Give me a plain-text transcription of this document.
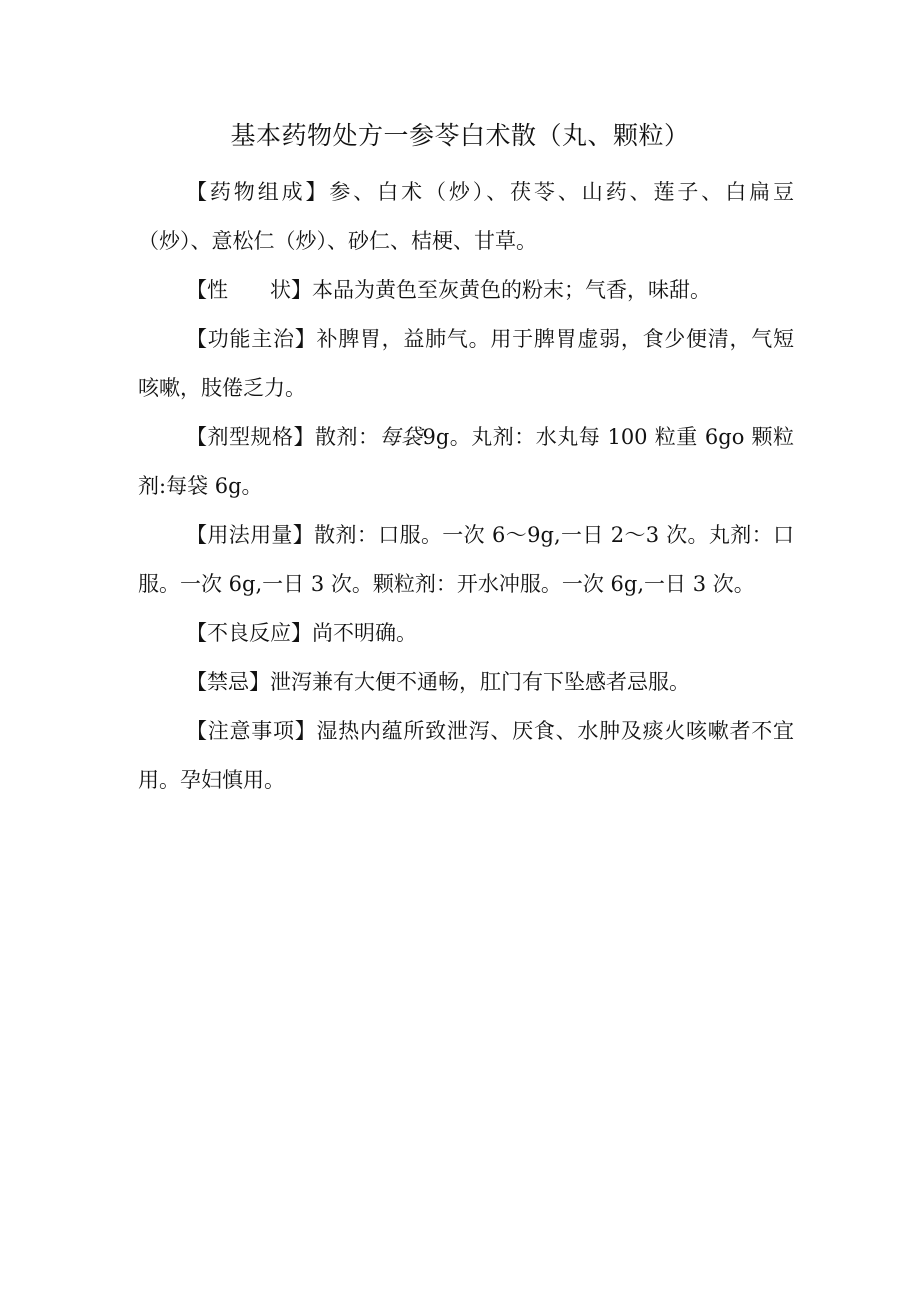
基本药物处方一参苓白术散（丸、颗粒）

【药物组成】参、白术（炒）、茯苓、山药、莲子、白扁豆（炒）、意松仁（炒）、砂仁、桔梗、甘草。

【性　　状】本品为黄色至灰黄色的粉末；气香，味甜。

【功能主治】补脾胃，益肺气。用于脾胃虚弱，食少便清，气短咳嗽，肢倦乏力。

【剂型规格】散剂：每袋9g。丸剂：水丸每 100 粒重 6go 颗粒剂:每袋 6g。

【用法用量】散剂：口服。一次 6～9g,一日 2～3 次。丸剂：口服。一次 6g,一日 3 次。颗粒剂：开水冲服。一次 6g,一日 3 次。

【不良反应】尚不明确。

【禁忌】泄泻兼有大便不通畅，肛门有下坠感者忌服。

【注意事项】湿热内蕴所致泄泻、厌食、水肿及痰火咳嗽者不宜用。孕妇慎用。
